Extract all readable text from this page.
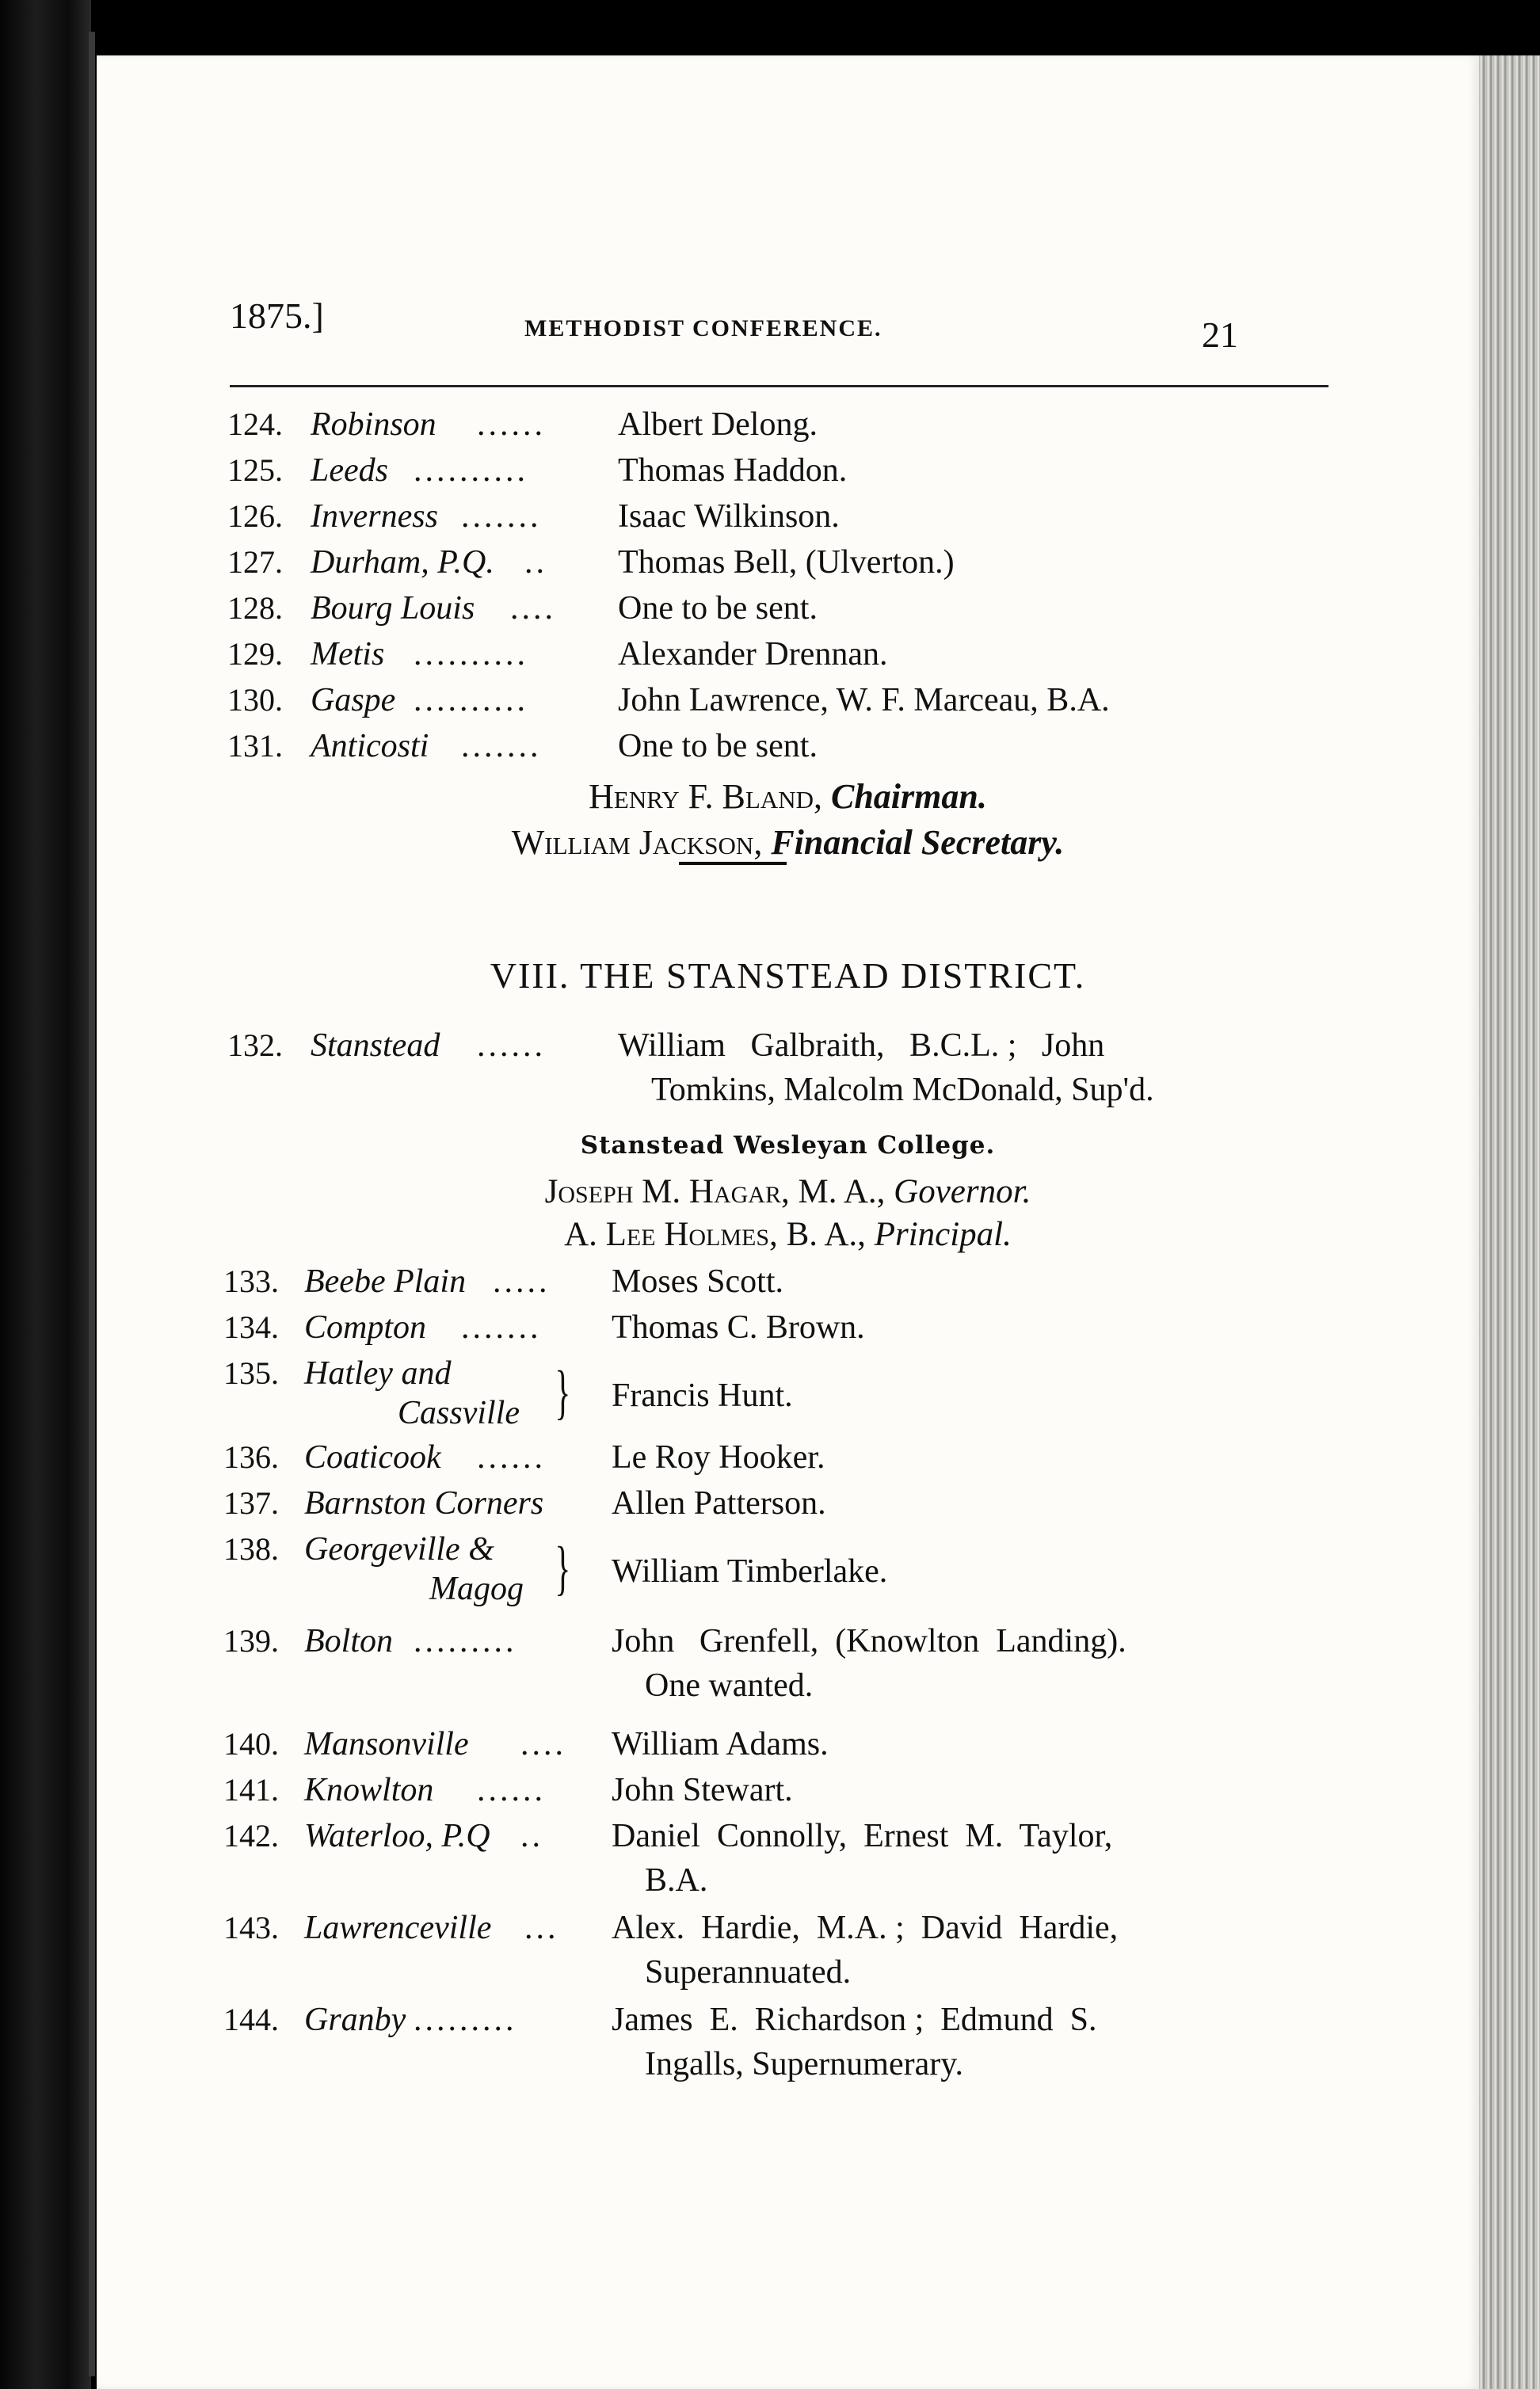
1875.]	METHODIST CONFERENCE.	21
124. Robinson ...... Albert Delong.
125. Leeds ..........	Thomas Haddon.
126. Inverness ....... Isaac Wilkinson.
127. Durham, P.Q. .. Thomas Bell, (Ulverton.)
128. Bourg Louis .... One to be sent.
129. Metis ..........	Alexander Drennan.
130. Gaspe ..........	John Lawrence, W. F. Marceau, B.A.
131. Anticosti ....... One to be sent.
Henry F. Bland, Chairman.
William Jackson, Financial Secretary.
VIII. THE STANSTEAD DISTRICT.
132. Stanstead ...... William   Galbraith,   B.C.L. ;   John
Tomkins, Malcolm McDonald, Sup'd.
Stanstead Wesleyan College.
Joseph M. Hagar, M. A., Governor.
A. Lee Holmes, B. A., Principal.
133. Beebe Plain ..... Moses Scott.
134. Compton ....... Thomas C. Brown.
135. Hatley and
Cassville } Francis Hunt.
136. Coaticook ...... Le Roy Hooker.
137. Barnston Corners Allen Patterson.
138. Georgeville &
Magog } William Timberlake.
139. Bolton .........	John   Grenfell,  (Knowlton  Landing).
One wanted.
140. Mansonville .... William Adams.
141. Knowlton ...... John Stewart.
142. Waterloo, P.Q .. Daniel  Connolly,  Ernest  M.  Taylor,
B.A.
143. Lawrenceville ... Alex.  Hardie,  M.A. ;  David  Hardie,
Superannuated.
144. Granby .........	James  E.  Richardson ;  Edmund  S.
Ingalls, Supernumerary.
